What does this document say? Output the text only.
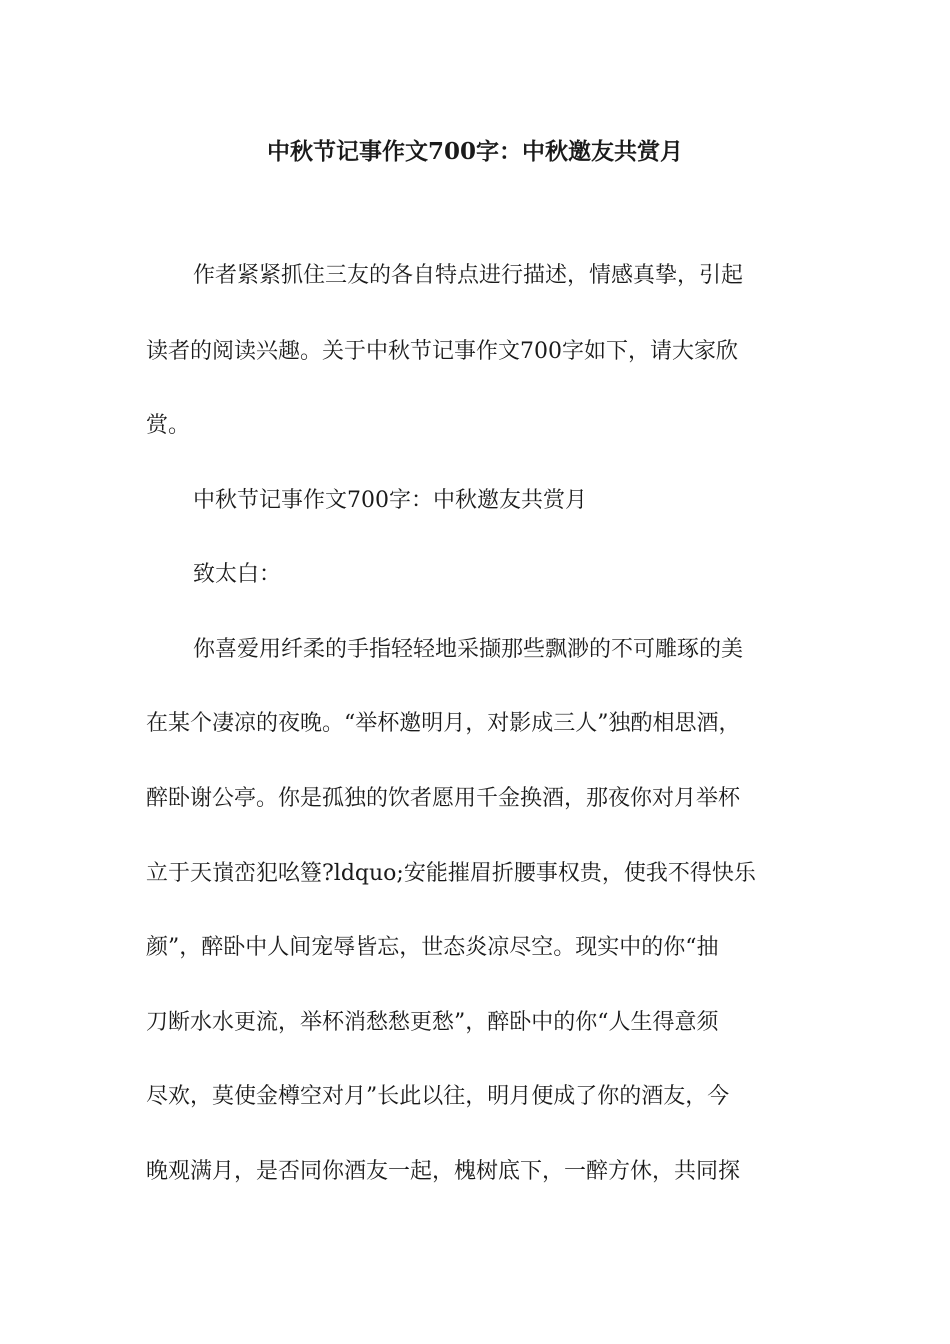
中秋节记事作文700字：中秋邀友共赏月
作者紧紧抓住三友的各自特点进行描述，情感真挚，引起
读者的阅读兴趣。关于中秋节记事作文700字如下，请大家欣
赏。
中秋节记事作文700字：中秋邀友共赏月
致太白：
你喜爱用纤柔的手指轻轻地采撷那些飘渺的不可雕琢的美
在某个凄凉的夜晚。“举杯邀明月，对影成三人”独酌相思酒，
醉卧谢公亭。你是孤独的饮者愿用千金换酒，那夜你对月举杯
立于天嵿峦犯吆簦?ldquo;安能摧眉折腰事权贵，使我不得快乐
颜”，醉卧中人间宠辱皆忘，世态炎凉尽空。现实中的你“抽
刀断水水更流，举杯消愁愁更愁”，醉卧中的你“人生得意须
尽欢，莫使金樽空对月”长此以往，明月便成了你的酒友，今
晚观满月，是否同你酒友一起，槐树底下，一醉方休，共同探
